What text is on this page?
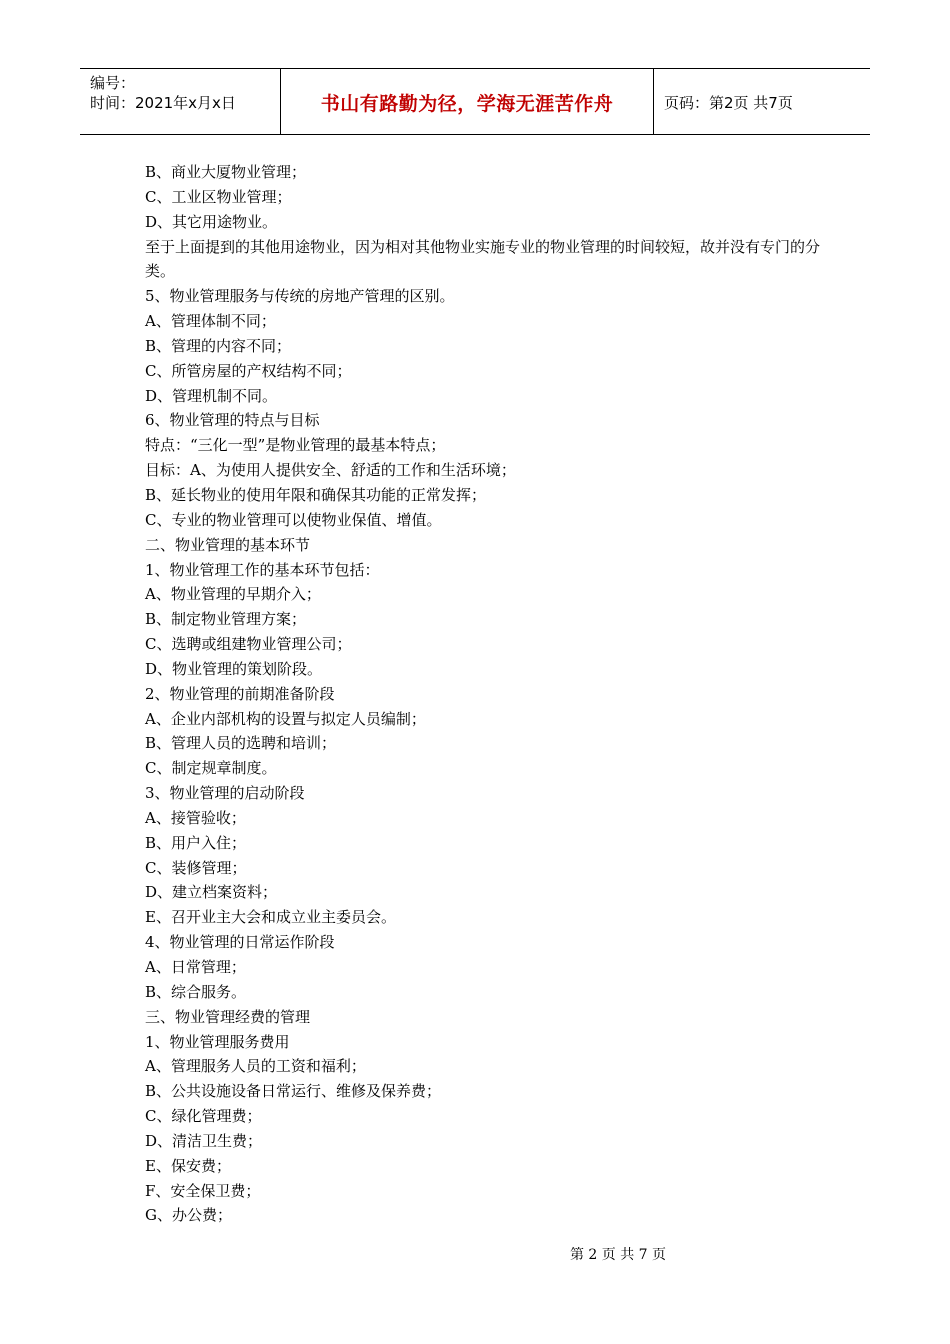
编号：
时间：2021年x月x日	书山有路勤为径，学海无涯苦作舟	页码：第2页 共7页

B、商业大厦物业管理；

C、工业区物业管理；

D、其它用途物业。

至于上面提到的其他用途物业，因为相对其他物业实施专业的物业管理的时间较短，故并没有专门的分类。

5、物业管理服务与传统的房地产管理的区别。

A、管理体制不同；

B、管理的内容不同；

C、所管房屋的产权结构不同；

D、管理机制不同。

6、物业管理的特点与目标

特点：“三化一型”是物业管理的最基本特点；

目标：A、为使用人提供安全、舒适的工作和生活环境；

B、延长物业的使用年限和确保其功能的正常发挥；

C、专业的物业管理可以使物业保值、增值。

二、物业管理的基本环节

1、物业管理工作的基本环节包括：

A、物业管理的早期介入；

B、制定物业管理方案；

C、选聘或组建物业管理公司；

D、物业管理的策划阶段。

2、物业管理的前期准备阶段

A、企业内部机构的设置与拟定人员编制；

B、管理人员的选聘和培训；

C、制定规章制度。

3、物业管理的启动阶段

A、接管验收；

B、用户入住；

C、装修管理；

D、建立档案资料；

E、召开业主大会和成立业主委员会。

4、物业管理的日常运作阶段

A、日常管理；

B、综合服务。

三、物业管理经费的管理

1、物业管理服务费用

A、管理服务人员的工资和福利；

B、公共设施设备日常运行、维修及保养费；

C、绿化管理费；

D、清洁卫生费；

E、保安费；

F、安全保卫费；

G、办公费；

第 2 页 共 7 页
